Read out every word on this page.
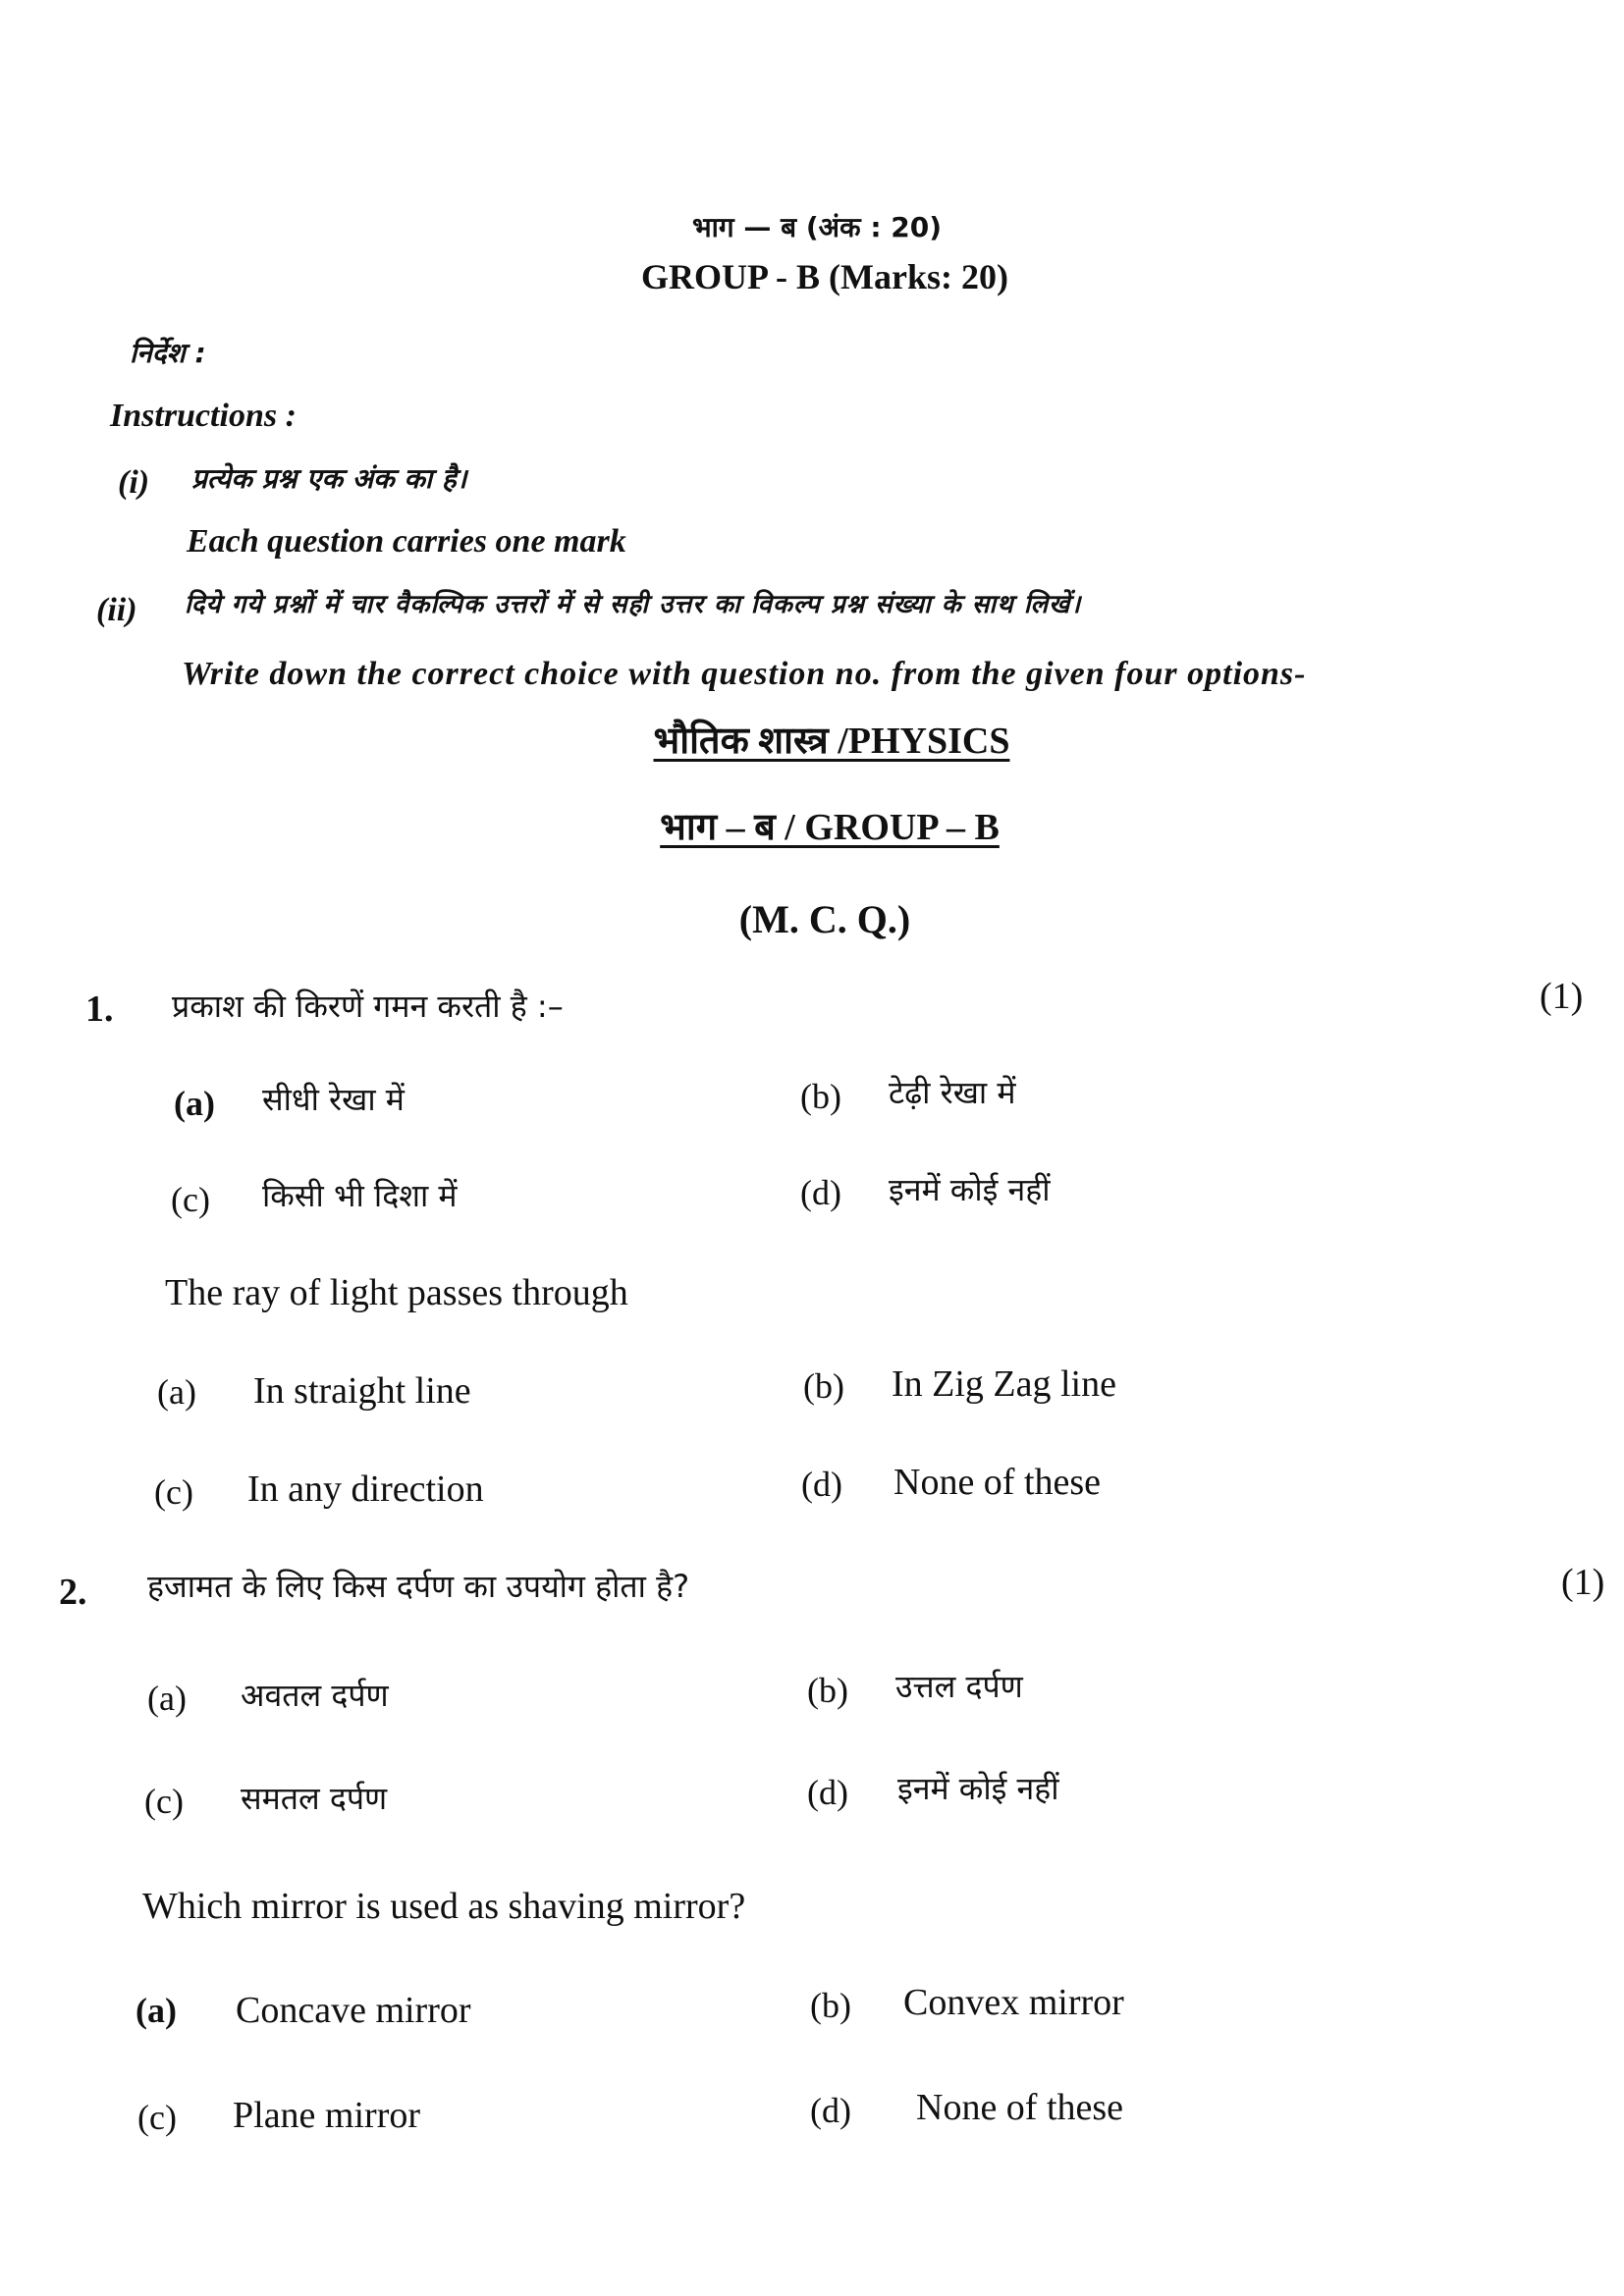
भाग — ब (अंक : 20)
GROUP - B (Marks: 20)
निर्देश :
Instructions :
(i) प्रत्येक प्रश्न एक अंक का है।
Each question carries one mark
(ii) दिये गये प्रश्नों में चार वैकल्पिक उत्तरों में से सही उत्तर का विकल्प प्रश्न संख्या के साथ लिखें।
Write down the correct choice with question no. from the given four options-
भौतिक शास्त्र /PHYSICS
भाग – ब / GROUP – B
(M. C. Q.)
1. प्रकाश की किरणें गमन करती है :–	(1)
(a) सीधी रेखा में	(b) टेढ़ी रेखा में
(c) किसी भी दिशा में	(d) इनमें कोई नहीं
The ray of light passes through
(a) In straight line	(b) In Zig Zag line
(c) In any direction	(d) None of these
2. हजामत के लिए किस दर्पण का उपयोग होता है?	(1)
(a) अवतल दर्पण	(b) उत्तल दर्पण
(c) समतल दर्पण	(d) इनमें कोई नहीं
Which mirror is used as shaving mirror?
(a) Concave mirror	(b) Convex mirror
(c) Plane mirror	(d) None of these
